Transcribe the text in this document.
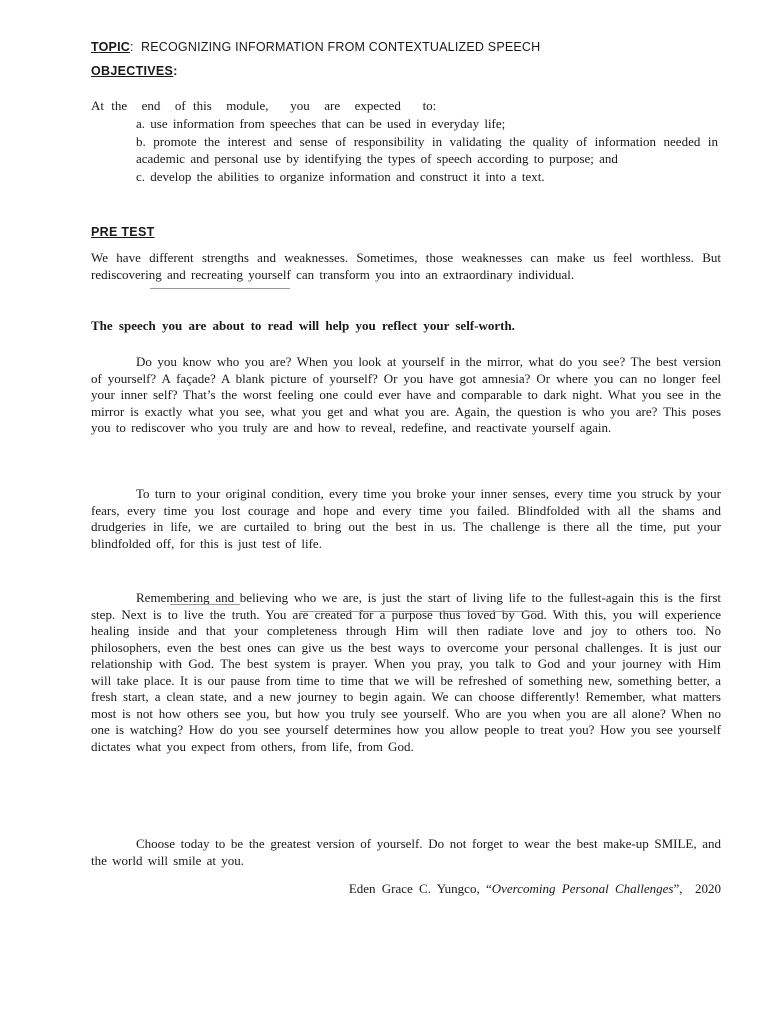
TOPIC:  RECOGNIZING INFORMATION FROM CONTEXTUALIZED SPEECH
OBJECTIVES:
At the  end  of this  module,   you  are  expected   to:
a. use information from speeches that can be used in everyday life;
b. promote the interest and sense of responsibility in validating the quality of information needed in academic and personal use by identifying the types of speech according to purpose; and
c. develop the abilities to organize information and construct it into a text.
PRE TEST
We have different strengths and weaknesses. Sometimes, those weaknesses can make us feel worthless. But rediscovering and recreating yourself can transform you into an extraordinary individual.
The speech you are about to read will help you reflect your self-worth.
Do you know who you are? When you look at yourself in the mirror, what do you see? The best version of yourself? A façade? A blank picture of yourself? Or you have got amnesia? Or where you can no longer feel your inner self? That’s the worst feeling one could ever have and comparable to dark night. What you see in the mirror is exactly what you see, what you get and what you are. Again, the question is who you are? This poses you to rediscover who you truly are and how to reveal, redefine, and reactivate yourself again.
To turn to your original condition, every time you broke your inner senses, every time you struck by your fears, every time you lost courage and hope and every time you failed. Blindfolded with all the shams and drudgeries in life, we are curtailed to bring out the best in us. The challenge is there all the time, put your blindfolded off, for this is just test of life.
Remembering and believing who we are, is just the start of living life to the fullest-again this is the first step. Next is to live the truth. You are created for a purpose thus loved by God. With this, you will experience healing inside and that your completeness through Him will then radiate love and joy to others too. No philosophers, even the best ones can give us the best ways to overcome your personal challenges. It is just our relationship with God. The best system is prayer. When you pray, you talk to God and your journey with Him will take place. It is our pause from time to time that we will be refreshed of something new, something better, a fresh start, a clean state, and a new journey to begin again. We can choose differently! Remember, what matters most is not how others see you, but how you truly see yourself. Who are you when you are all alone? When no one is watching? How do you see yourself determines how you allow people to treat you? How you see yourself dictates what you expect from others, from life, from God.
Choose today to be the greatest version of yourself. Do not forget to wear the best make-up SMILE, and the world will smile at you.
Eden Grace C. Yungco, “Overcoming Personal Challenges”,  2020
